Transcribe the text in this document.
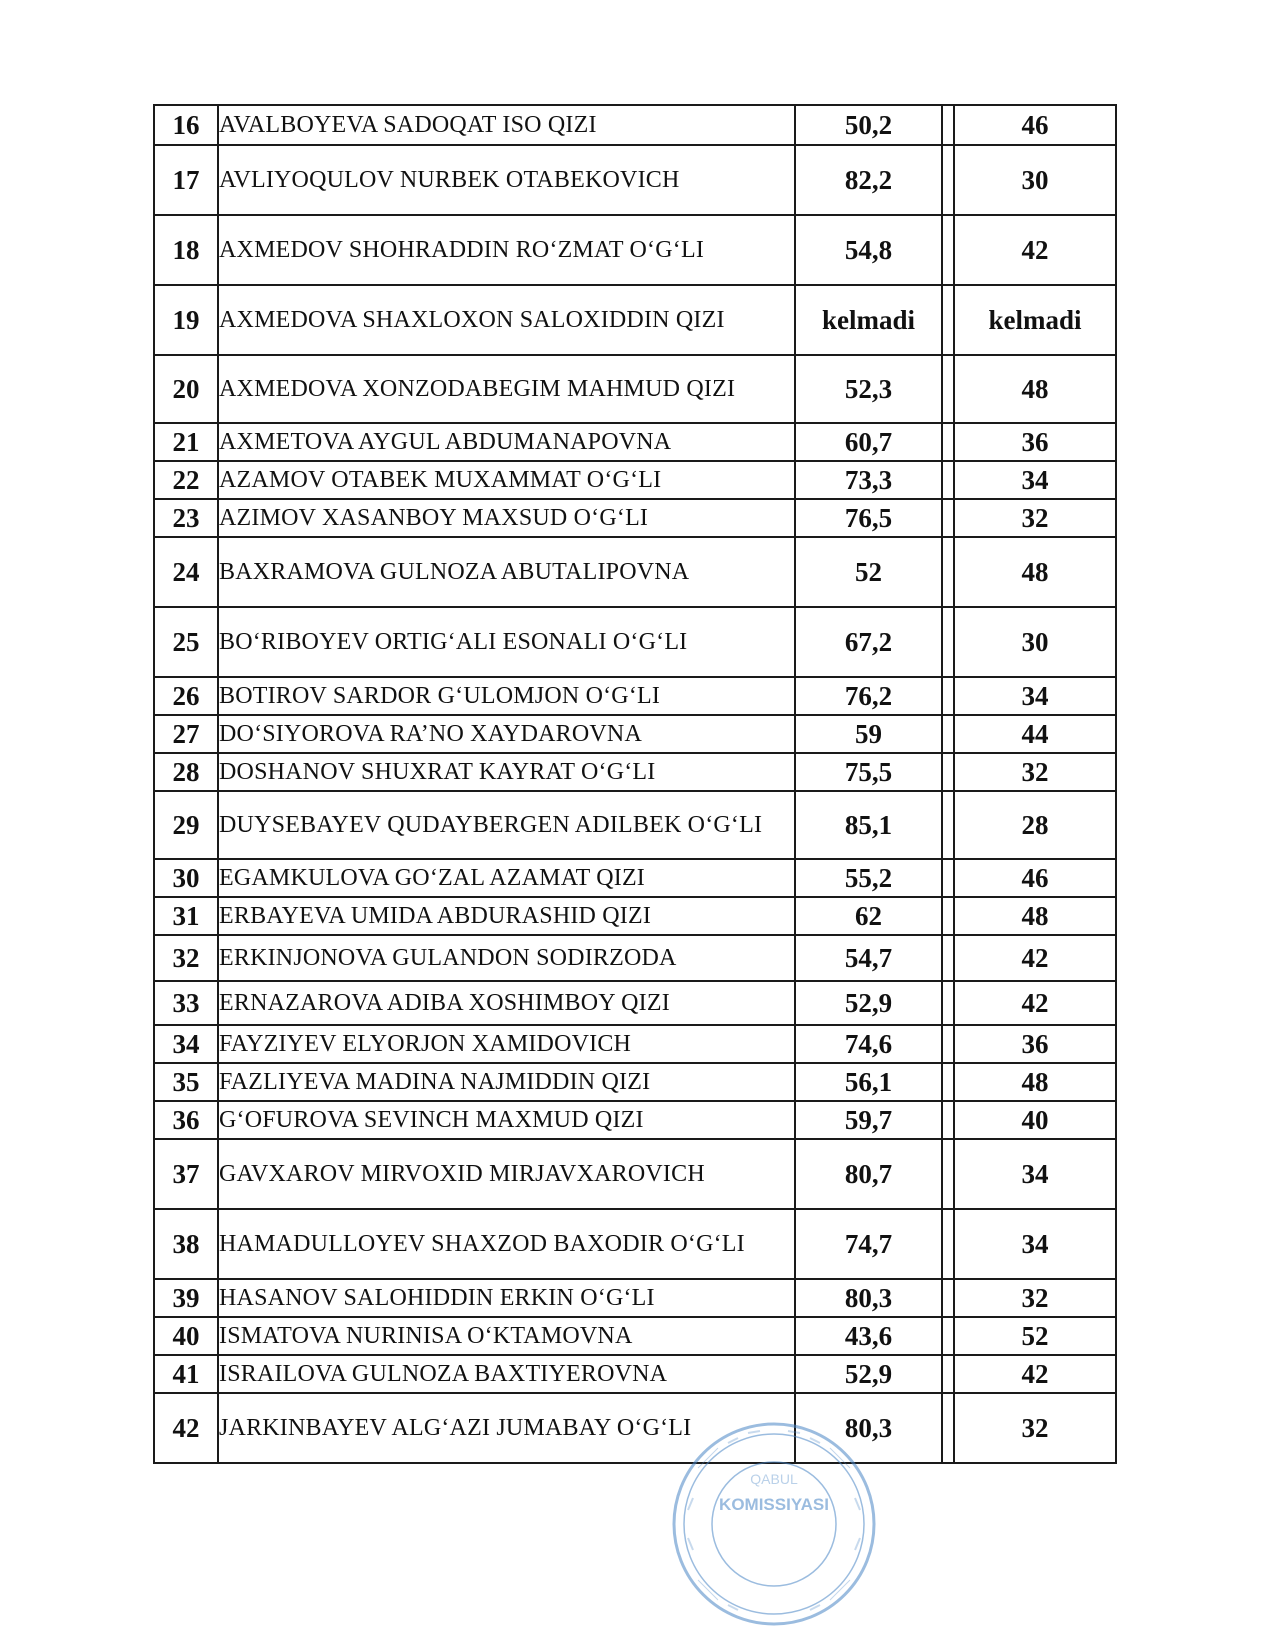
16	AVALBOYEVA SADOQAT ISO QIZI	50,2		46
17	AVLIYOQULOV NURBEK OTABEKOVICH	82,2		30
18	AXMEDOV SHOHRADDIN RO‘ZMAT O‘G‘LI	54,8		42
19	AXMEDOVA SHAXLOXON SALOXIDDIN QIZI	kelmadi		kelmadi
20	AXMEDOVA XONZODABEGIM MAHMUD QIZI	52,3		48
21	AXMETOVA AYGUL ABDUMANAPOVNA	60,7		36
22	AZAMOV OTABEK MUXAMMAT O‘G‘LI	73,3		34
23	AZIMOV XASANBOY MAXSUD O‘G‘LI	76,5		32
24	BAXRAMOVA GULNOZA ABUTALIPOVNA	52		48
25	BO‘RIBOYEV ORTIG‘ALI ESONALI O‘G‘LI	67,2		30
26	BOTIROV SARDOR G‘ULOMJON O‘G‘LI	76,2		34
27	DO‘SIYOROVA RA’NO XAYDAROVNA	59		44
28	DOSHANOV SHUXRAT KAYRAT O‘G‘LI	75,5		32
29	DUYSEBAYEV QUDAYBERGEN ADILBEK O‘G‘LI	85,1		28
30	EGAMKULOVA GO‘ZAL AZAMAT QIZI	55,2		46
31	ERBAYEVA UMIDA ABDURASHID QIZI	62		48
32	ERKINJONOVA GULANDON SODIRZODA	54,7		42
33	ERNAZAROVA ADIBA XOSHIMBOY QIZI	52,9		42
34	FAYZIYEV ELYORJON XAMIDOVICH	74,6		36
35	FAZLIYEVA MADINA NAJMIDDIN QIZI	56,1		48
36	G‘OFUROVA SEVINCH MAXMUD QIZI	59,7		40
37	GAVXAROV MIRVOXID MIRJAVXAROVICH	80,7		34
38	HAMADULLOYEV SHAXZOD BAXODIR O‘G‘LI	74,7		34
39	HASANOV SALOHIDDIN ERKIN O‘G‘LI	80,3		32
40	ISMATOVA NURINISA O‘KTAMOVNA	43,6		52
41	ISRAILOVA GULNOZA BAXTIYEROVNA	52,9		42
42	JARKINBAYEV ALG‘AZI JUMABAY O‘G‘LI	80,3		32
QABUL
KOMISSIYASI
